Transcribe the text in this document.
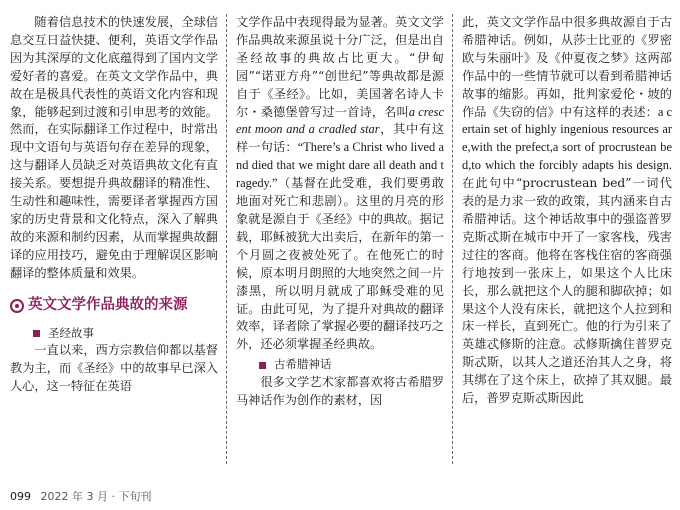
随着信息技术的快速发展，全球信息交互日益快捷、便利，英语文学作品因为其深厚的文化底蕴得到了国内文学爱好者的喜爱。在英文文学作品中，典故在是极具代表性的英语文化内容和现象，能够起到过渡和引申思考的效能。然而，在实际翻译工作过程中，时常出现中文语句与英语句存在差异的现象，这与翻译人员缺乏对英语典故文化有直接关系。要想提升典故翻译的精准性、生动性和趣味性，需要译者掌握西方国家的历史背景和文化特点，深入了解典故的来源和制约因素，从而掌握典故翻译的应用技巧，避免由于理解误区影响翻译的整体质量和效果。

英文文学作品典故的来源

圣经故事

一直以来，西方宗教信仰都以基督教为主，而《圣经》中的故事早已深入人心，这一特征在英语

文学作品中表现得最为显著。英文文学作品典故来源虽说十分广泛，但是出自圣经故事的典故占比更大。“伊甸园”“诺亚方舟”“创世纪”等典故都是源自于《圣经》。比如，美国著名诗人卡尔・桑德堡曾写过一首诗，名叫a crescent moon and a cradled star，其中有这样一句话：“There’s a Christ who lived and died that we might dare all death and tragedy.”（基督在此受难，我们要勇敢地面对死亡和悲剧）。这里的月亮的形象就是源自于《圣经》中的典故。据记载，耶稣被犹大出卖后，在新年的第一个月圆之夜被处死了。在他死亡的时候，原本明月朗照的大地突然之间一片漆黑，所以明月就成了耶稣受难的见证。由此可见，为了提升对典故的翻译效率，译者除了掌握必要的翻译技巧之外，还必须掌握圣经典故。

古希腊神话

很多文学艺术家都喜欢将古希腊罗马神话作为创作的素材，因

此，英文文学作品中很多典故源自于古希腊神话。例如，从莎士比亚的《罗密欧与朱丽叶》及《仲夏夜之梦》这两部作品中的一些情节就可以看到希腊神话故事的缩影。再如，批判家爱伦・坡的作品《失窃的信》中有这样的表述：a certain set of highly ingenious resources are,with the prefect,a sort of procrustean bed,to which the forcibly adapts his design.在此句中“procrustean bed”一词代表的是力求一致的政策，其内涵来自古希腊神话。这个神话故事中的强盗普罗克斯忒斯在城市中开了一家客栈，残害过往的客商。他将在客栈住宿的客商强行地按到一张床上，如果这个人比床长，那么就把这个人的腿和脚砍掉；如果这个人没有床长，就把这个人拉到和床一样长，直到死亡。他的行为引来了英雄忒修斯的注意。忒修斯擒住普罗克斯忒斯，以其人之道还治其人之身，将其绑在了这个床上，砍掉了其双腿。最后，普罗克斯忒斯因此

099 2022 年 3 月 · 下旬刊
